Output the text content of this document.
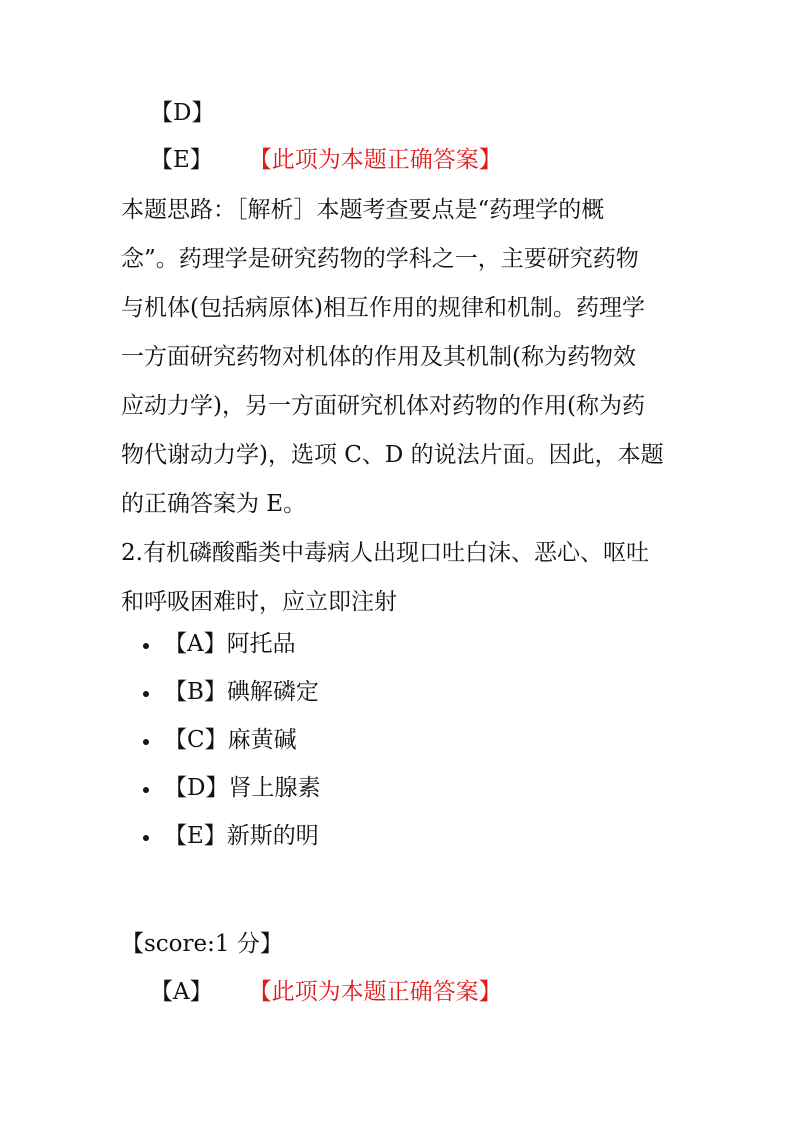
【D】
【E】 【此项为本题正确答案】
本题思路：［解析］本题考查要点是“药理学的概
念”。药理学是研究药物的学科之一，主要研究药物
与机体(包括病原体)相互作用的规律和机制。药理学
一方面研究药物对机体的作用及其机制(称为药物效
应动力学)，另一方面研究机体对药物的作用(称为药
物代谢动力学)，选项 C、D 的说法片面。因此，本题
的正确答案为 E。
2.有机磷酸酯类中毒病人出现口吐白沫、恶心、呕吐
和呼吸困难时，应立即注射
【A】阿托品
【B】碘解磷定
【C】麻黄碱
【D】肾上腺素
【E】新斯的明
【score:1 分】
【A】 【此项为本题正确答案】
